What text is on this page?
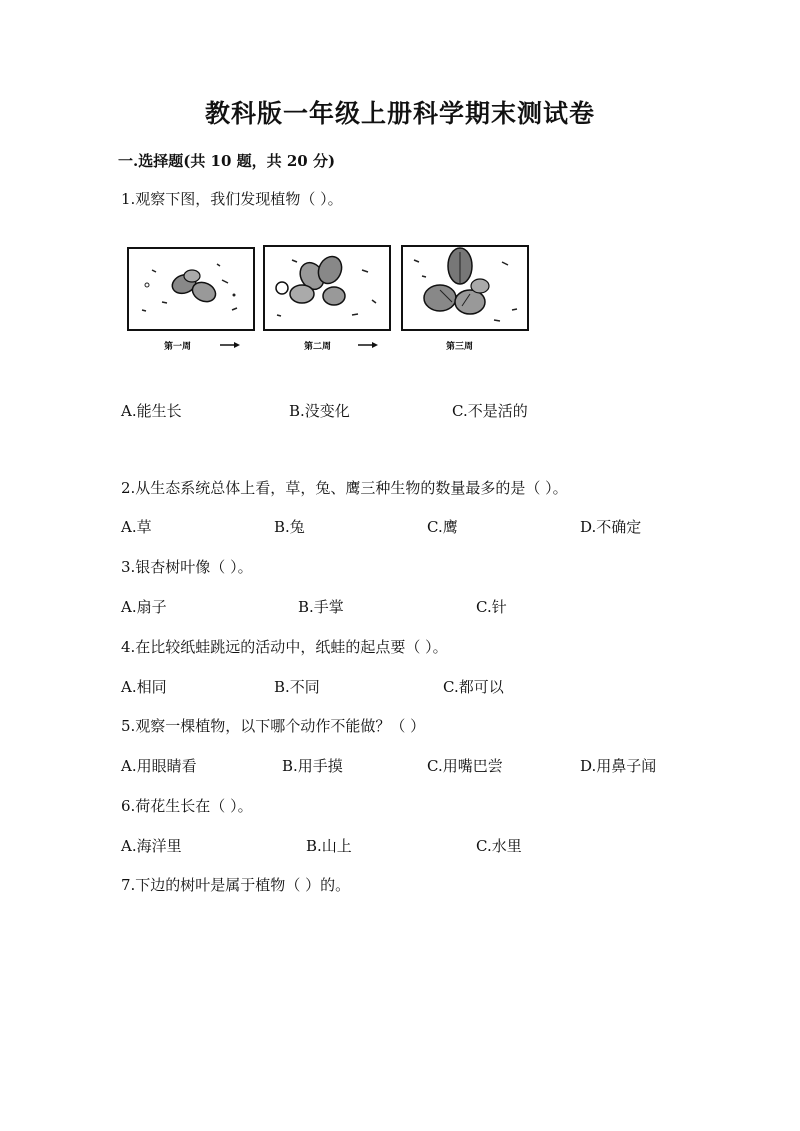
教科版一年级上册科学期末测试卷
一.选择题(共 10 题，共 20 分)
1.观察下图，我们发现植物（ ）。
第一周	第二周	第三周
A.能生长	B.没变化	C.不是活的
2.从生态系统总体上看，草，兔、鹰三种生物的数量最多的是（ ）。
A.草	B.兔	C.鹰	D.不确定
3.银杏树叶像（ ）。
A.扇子	B.手掌	C.针
4.在比较纸蛙跳远的活动中，纸蛙的起点要（ ）。
A.相同	B.不同	C.都可以
5.观察一棵植物，以下哪个动作不能做？（ ）
A.用眼睛看	B.用手摸	C.用嘴巴尝	D.用鼻子闻
6.荷花生长在（ ）。
A.海洋里	B.山上	C.水里
7.下边的树叶是属于植物（ ）的。
